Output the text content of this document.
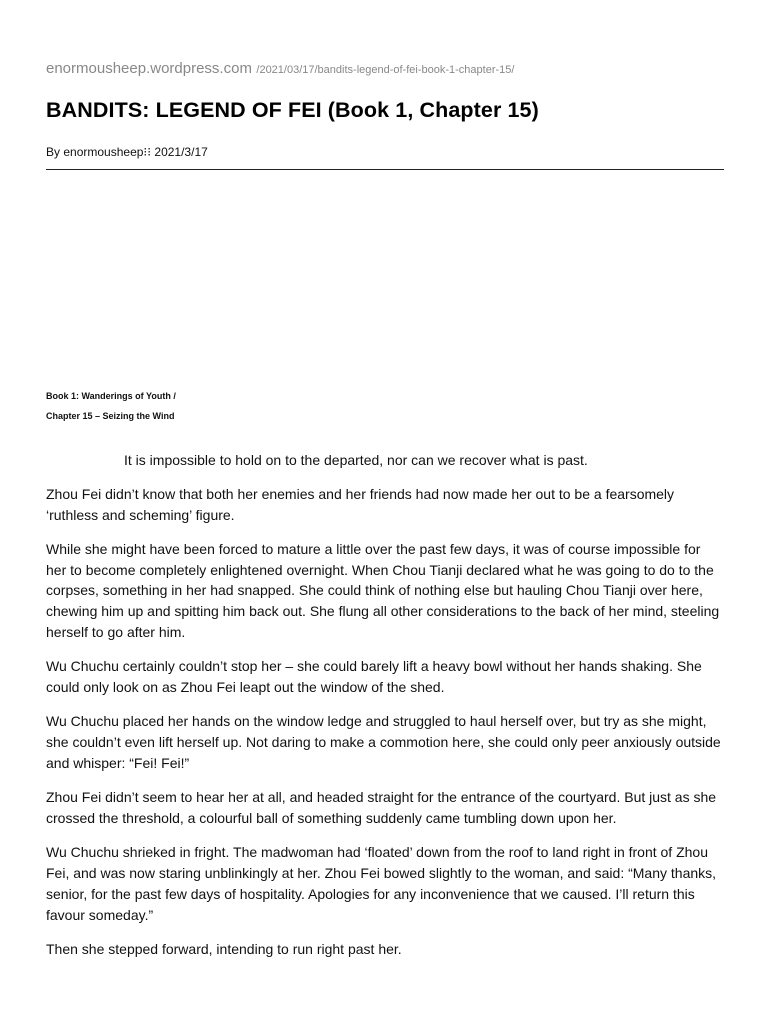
enormousheep.wordpress.com /2021/03/17/bandits-legend-of-fei-book-1-chapter-15/
BANDITS: LEGEND OF FEI (Book 1, Chapter 15)
By enormousheep⁝⁝ 2021/3/17
Book 1: Wanderings of Youth /
Chapter 15 – Seizing the Wind

It is impossible to hold on to the departed, nor can we recover what is past.

Zhou Fei didn’t know that both her enemies and her friends had now made her out to be a fearsomely ‘ruthless and scheming’ figure.

While she might have been forced to mature a little over the past few days, it was of course impossible for her to become completely enlightened overnight. When Chou Tianji declared what he was going to do to the corpses, something in her had snapped. She could think of nothing else but hauling Chou Tianji over here, chewing him up and spitting him back out. She flung all other considerations to the back of her mind, steeling herself to go after him.

Wu Chuchu certainly couldn’t stop her – she could barely lift a heavy bowl without her hands shaking. She could only look on as Zhou Fei leapt out the window of the shed.

Wu Chuchu placed her hands on the window ledge and struggled to haul herself over, but try as she might, she couldn’t even lift herself up. Not daring to make a commotion here, she could only peer anxiously outside and whisper: “Fei! Fei!”

Zhou Fei didn’t seem to hear her at all, and headed straight for the entrance of the courtyard. But just as she crossed the threshold, a colourful ball of something suddenly came tumbling down upon her.

Wu Chuchu shrieked in fright. The madwoman had ‘floated’ down from the roof to land right in front of Zhou Fei, and was now staring unblinkingly at her. Zhou Fei bowed slightly to the woman, and said: “Many thanks, senior, for the past few days of hospitality. Apologies for any inconvenience that we caused. I’ll return this favour someday.”

Then she stepped forward, intending to run right past her.
